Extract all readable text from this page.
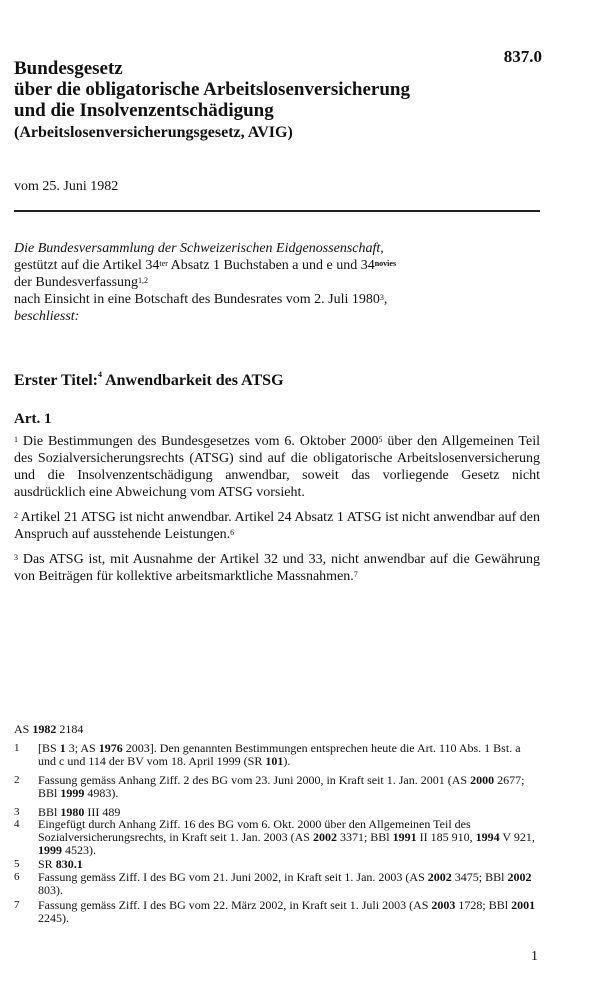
837.0
Bundesgesetz
über die obligatorische Arbeitslosenversicherung
und die Insolvenzentschädigung
(Arbeitslosenversicherungsgesetz, AVIG)
vom 25. Juni 1982
Die Bundesversammlung der Schweizerischen Eidgenossenschaft,
gestützt auf die Artikel $34^{ter}$ Absatz 1 Buchstaben a und e und $34^{novies}$
der Bundesverfassung$^{1,2}$
nach Einsicht in eine Botschaft des Bundesrates vom 2. Juli 1980$^3$,
beschliesst:
Erster Titel:$^4$ Anwendbarkeit des ATSG
Art. 1
$^1$ Die Bestimmungen des Bundesgesetzes vom 6. Oktober 2000$^5$ über den Allgemeinen Teil des Sozialversicherungsrechts (ATSG) sind auf die obligatorische Arbeitslosenversicherung und die Insolvenzentschädigung anwendbar, soweit das vorliegende Gesetz nicht ausdrücklich eine Abweichung vom ATSG vorsieht.
$^2$ Artikel 21 ATSG ist nicht anwendbar. Artikel 24 Absatz 1 ATSG ist nicht anwendbar auf den Anspruch auf ausstehende Leistungen.$^6$
$^3$ Das ATSG ist, mit Ausnahme der Artikel 32 und 33, nicht anwendbar auf die Gewährung von Beiträgen für kollektive arbeitsmarktliche Massnahmen.$^7$
AS 1982 2184
1 [BS 1 3; AS 1976 2003]. Den genannten Bestimmungen entsprechen heute die Art. 110 Abs. 1 Bst. a und c und 114 der BV vom 18. April 1999 (SR 101).
2 Fassung gemäss Anhang Ziff. 2 des BG vom 23. Juni 2000, in Kraft seit 1. Jan. 2001 (AS 2000 2677; BBl 1999 4983).
3 BBl 1980 III 489
4 Eingefügt durch Anhang Ziff. 16 des BG vom 6. Okt. 2000 über den Allgemeinen Teil des Sozialversicherungsrechts, in Kraft seit 1. Jan. 2003 (AS 2002 3371; BBl 1991 II 185 910, 1994 V 921, 1999 4523).
5 SR 830.1
6 Fassung gemäss Ziff. I des BG vom 21. Juni 2002, in Kraft seit 1. Jan. 2003 (AS 2002 3475; BBl 2002 803).
7 Fassung gemäss Ziff. I des BG vom 22. März 2002, in Kraft seit 1. Juli 2003 (AS 2003 1728; BBl 2001 2245).
1
